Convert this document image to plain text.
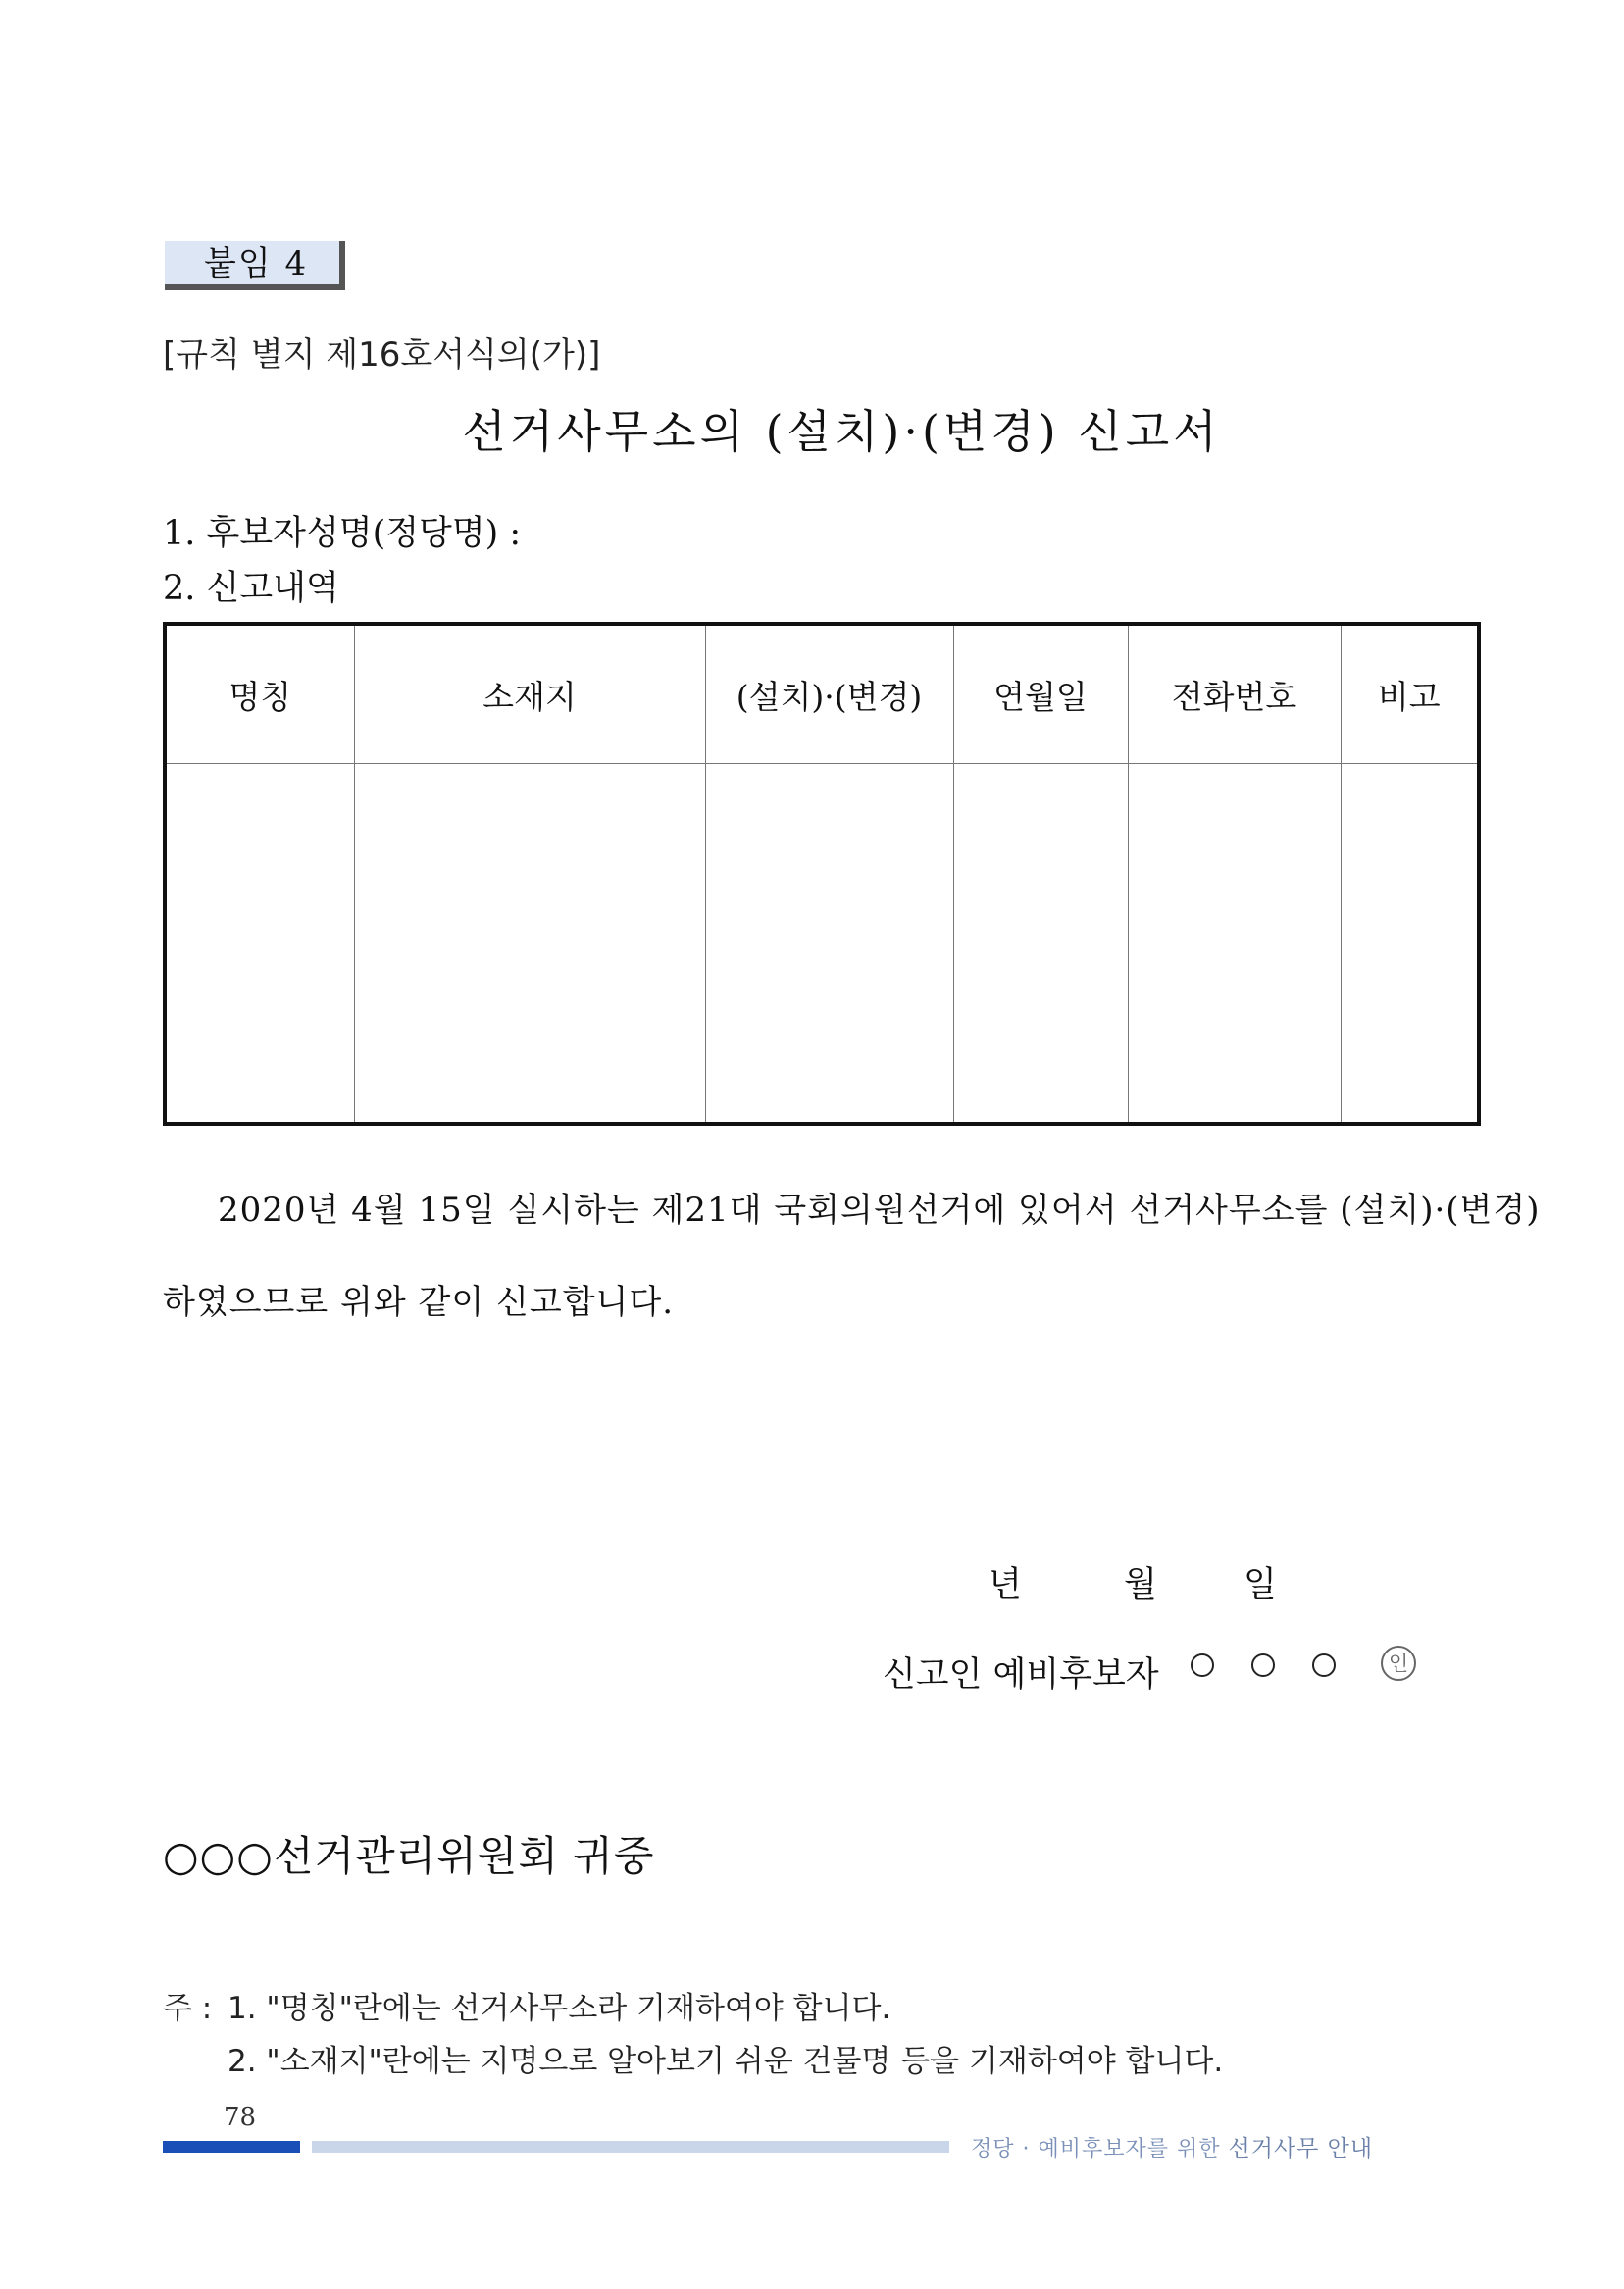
붙임 4
[규칙 별지 제16호서식의(가)]
선거사무소의 (설치)·(변경) 신고서
1. 후보자성명(정당명) :
2. 신고내역
명칭	소재지	(설치)·(변경)	연월일	전화번호	비고

2020년 4월 15일 실시하는 제21대 국회의원선거에 있어서 선거사무소를 (설치)·(변경)
하였으므로 위와 같이 신고합니다.
년	월	일
신고인 예비후보자	인
○○○선거관리위원회 귀중
주 : 1. "명칭"란에는 선거사무소라 기재하여야 합니다.
2. "소재지"란에는 지명으로 알아보기 쉬운 건물명 등을 기재하여야 합니다.
78
정당 · 예비후보자를 위한 선거사무 안내
